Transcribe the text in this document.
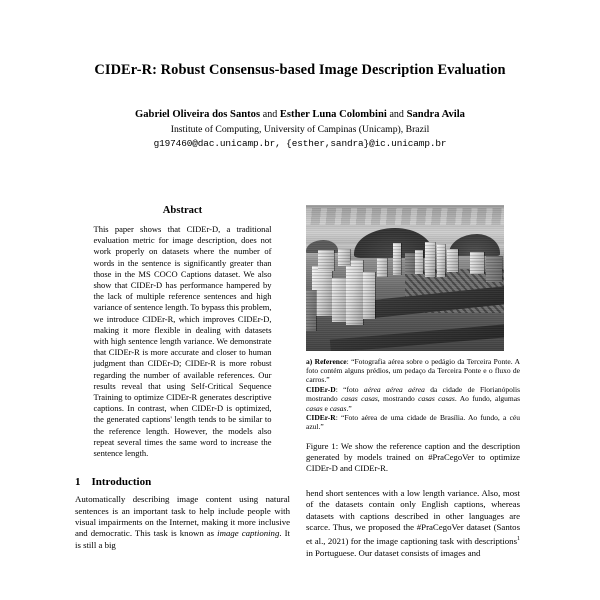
CIDEr-R: Robust Consensus-based Image Description Evaluation
Gabriel Oliveira dos Santos and Esther Luna Colombini and Sandra Avila
Institute of Computing, University of Campinas (Unicamp), Brazil
g197460@dac.unicamp.br, {esther,sandra}@ic.unicamp.br
Abstract
This paper shows that CIDEr-D, a traditional evaluation metric for image description, does not work properly on datasets where the number of words in the sentence is significantly greater than those in the MS COCO Captions dataset. We also show that CIDEr-D has performance hampered by the lack of multiple reference sentences and high variance of sentence length. To bypass this problem, we introduce CIDEr-R, which improves CIDEr-D, making it more flexible in dealing with datasets with high sentence length variance. We demonstrate that CIDEr-R is more accurate and closer to human judgment than CIDEr-D; CIDEr-R is more robust regarding the number of available references. Our results reveal that using Self-Critical Sequence Training to optimize CIDEr-R generates descriptive captions. In contrast, when CIDEr-D is optimized, the generated captions' length tends to be similar to the reference length. However, the models also repeat several times the same word to increase the sentence length.
1 Introduction

Automatically describing image content using natural sentences is an important task to help include people with visual impairments on the Internet, making it more inclusive and democratic. This task is known as image captioning. It is still a big

a) Reference: “Fotografia aérea sobre o pedágio da Terceira Ponte. A foto contém alguns prédios, um pedaço da Terceira Ponte e o fluxo de carros.”

CIDEr-D: “foto aérea aérea aérea da cidade de Florianópolis mostrando casas casas, mostrando casas casas. Ao fundo, algumas casas e casas.”

CIDEr-R: “Foto aérea de uma cidade de Brasília. Ao fundo, a céu azul.”

Figure 1: We show the reference caption and the description generated by models trained on #PraCegoVer to optimize CIDEr-D and CIDEr-R.

hend short sentences with a low length variance. Also, most of the datasets contain only English captions, whereas datasets with captions described in other languages are scarce. Thus, we proposed the #PraCegoVer dataset (Santos et al., 2021) for the image captioning task with descriptions$^1$ in Portuguese. Our dataset consists of images and
